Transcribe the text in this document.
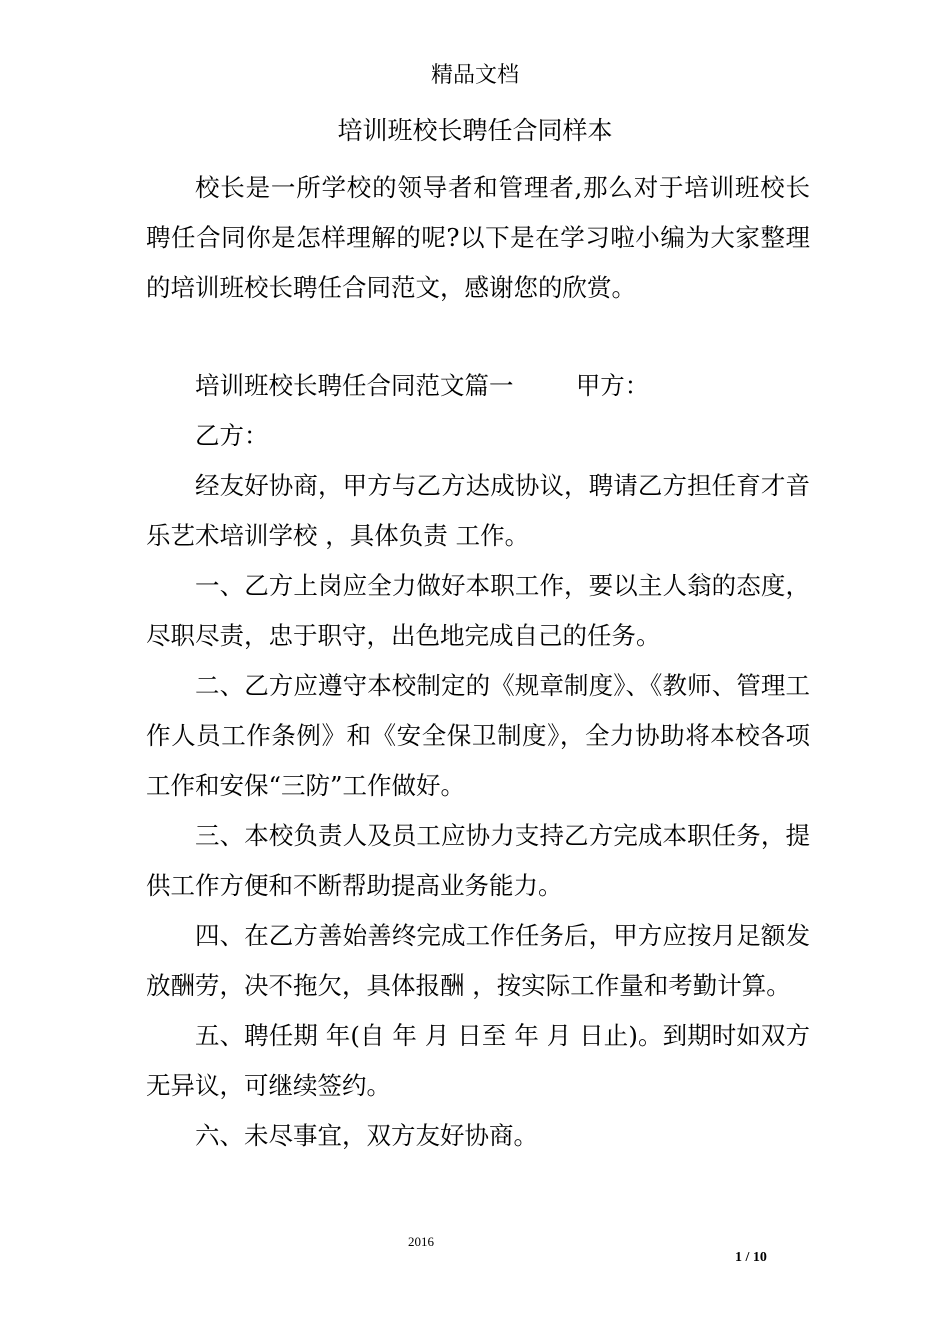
精品文档
培训班校长聘任合同样本

校长是一所学校的领导者和管理者,那么对于培训班校长聘任合同你是怎样理解的呢?以下是在学习啦小编为大家整理的培训班校长聘任合同范文，感谢您的欣赏。

培训班校长聘任合同范文篇一	甲方：

乙方：

经友好协商，甲方与乙方达成协议，聘请乙方担任育才音乐艺术培训学校 ，具体负责 工作。

一、乙方上岗应全力做好本职工作，要以主人翁的态度，尽职尽责，忠于职守，出色地完成自己的任务。

二、乙方应遵守本校制定的《规章制度》、《教师、管理工作人员工作条例》和《安全保卫制度》，全力协助将本校各项工作和安保“三防”工作做好。

三、本校负责人及员工应协力支持乙方完成本职任务，提供工作方便和不断帮助提高业务能力。

四、在乙方善始善终完成工作任务后，甲方应按月足额发放酬劳，决不拖欠，具体报酬 ，按实际工作量和考勤计算。

五、聘任期 年(自 年 月 日至 年 月 日止)。到期时如双方无异议，可继续签约。

六、未尽事宜，双方友好协商。

2016
1 / 10
